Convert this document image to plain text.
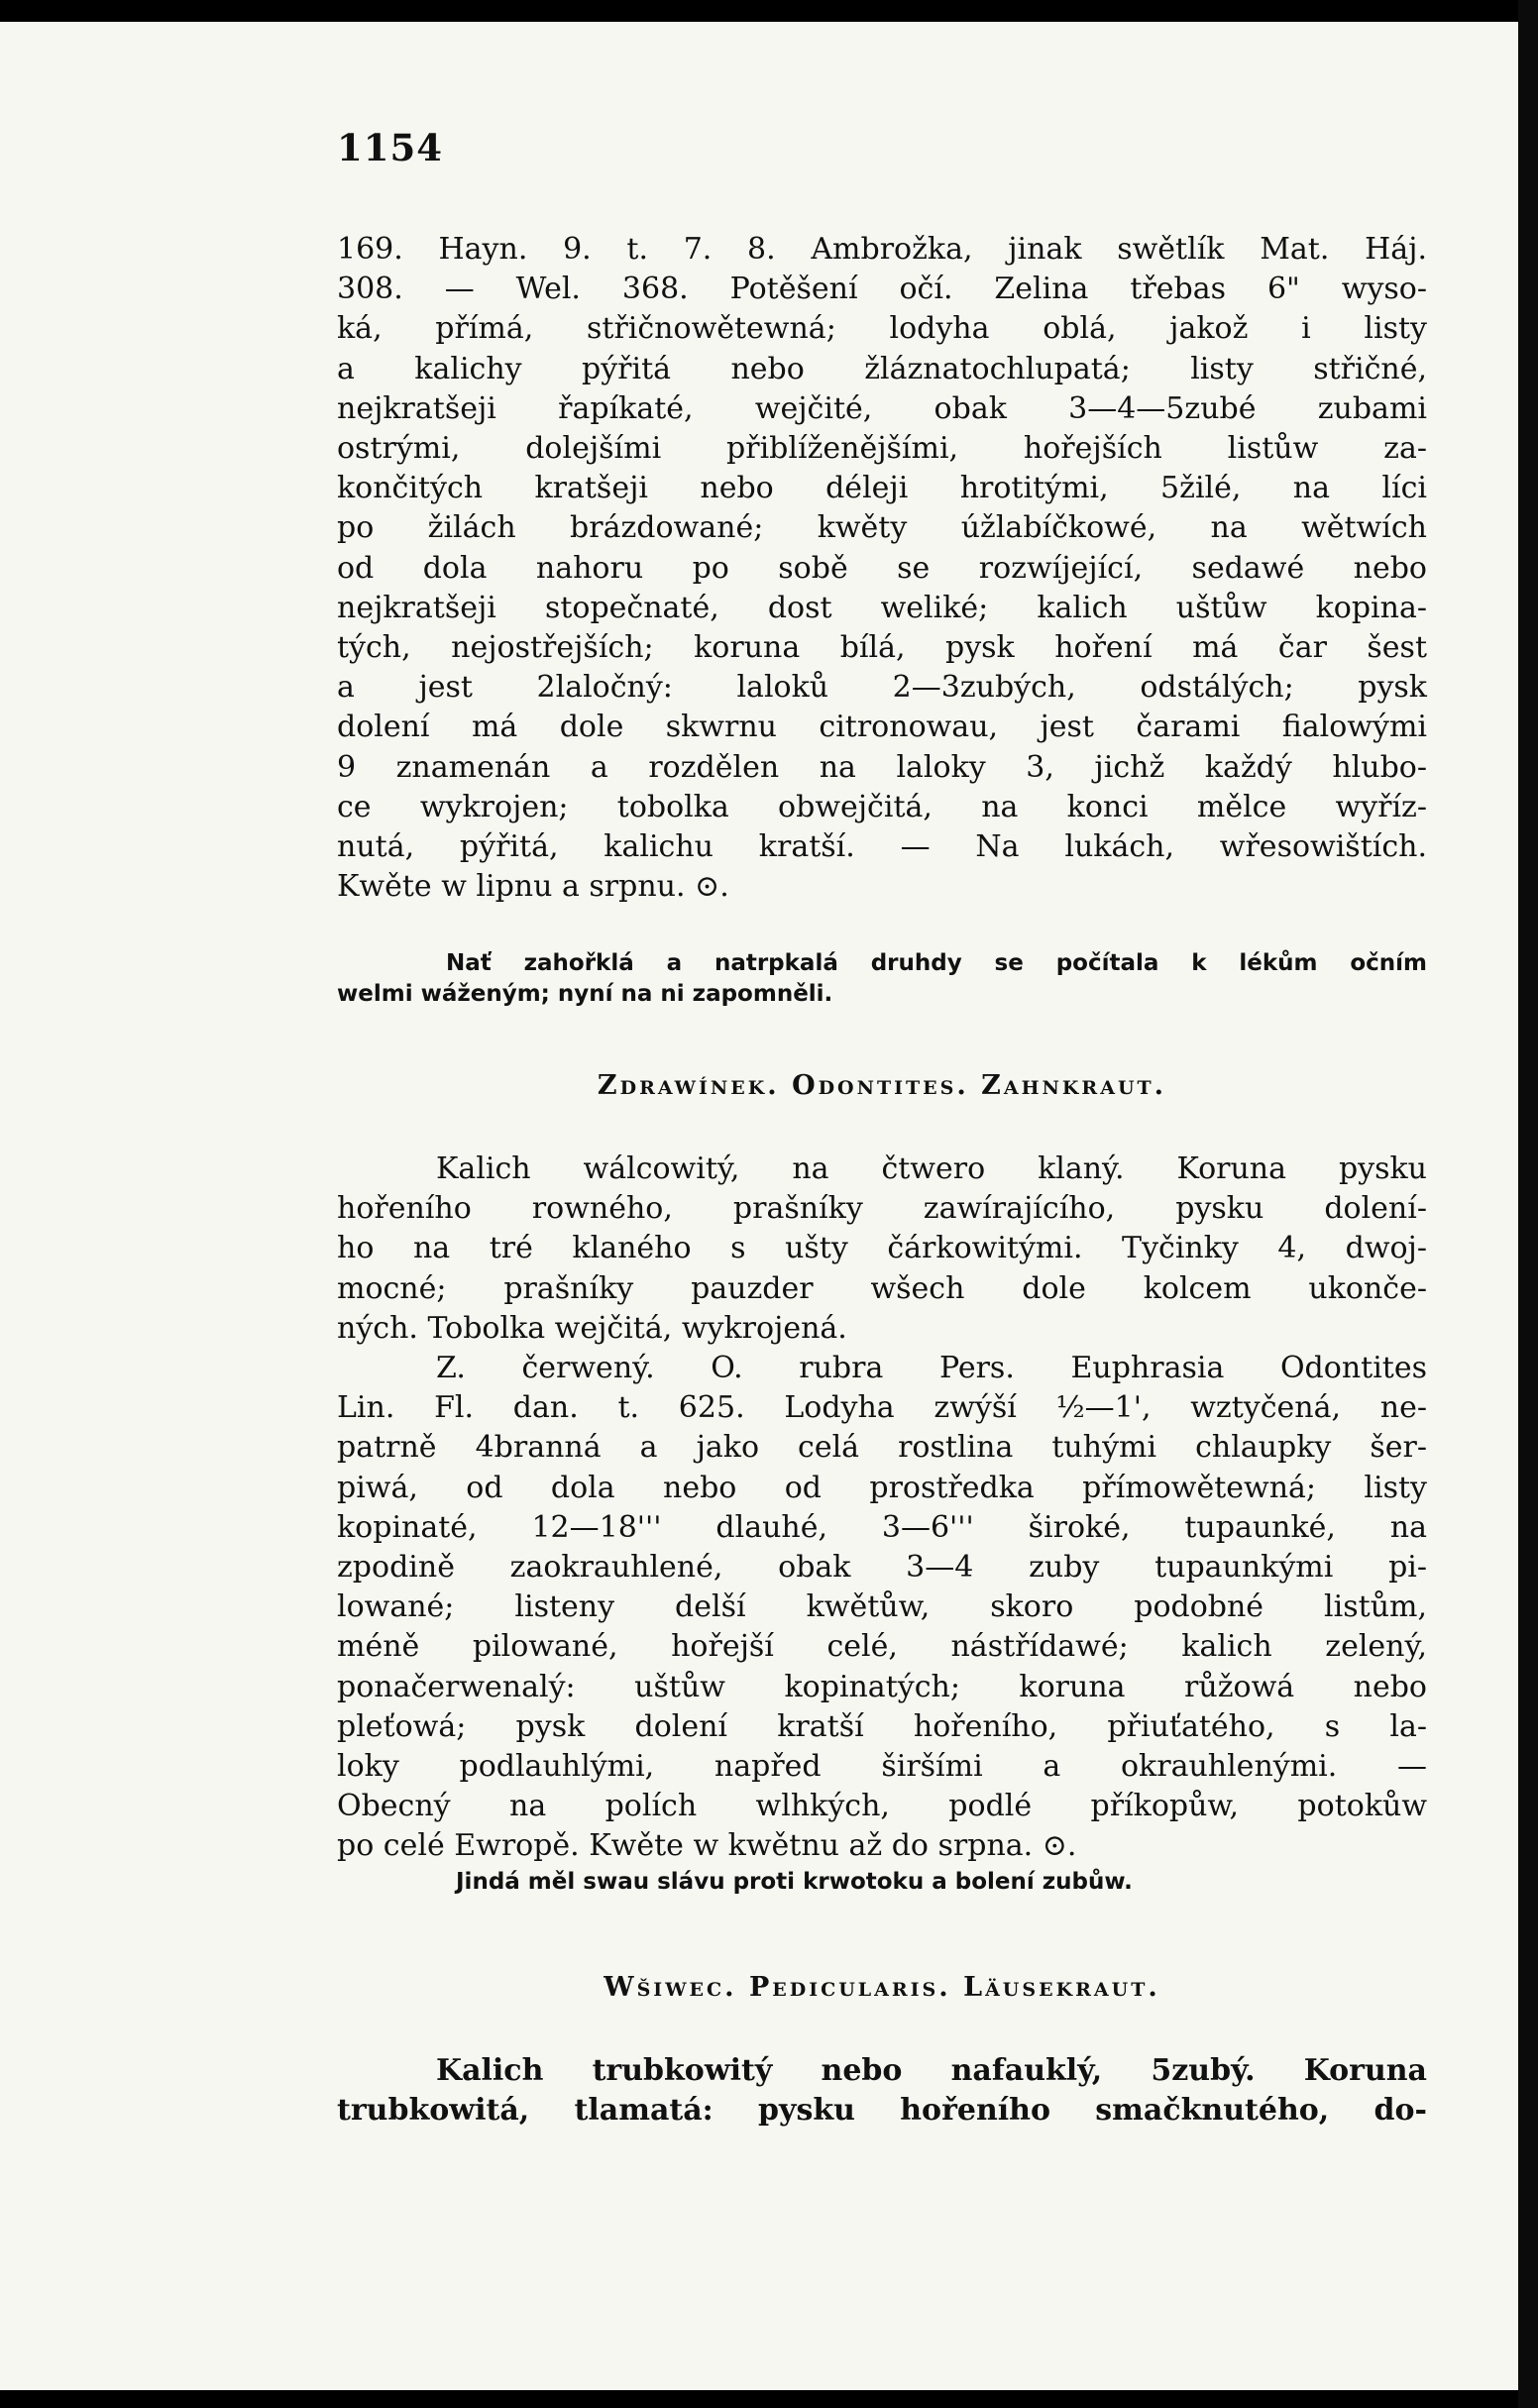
1154
169. Hayn. 9. t. 7. 8. Ambrožka, jinak swětlík Mat. Háj.
308. — Wel. 368. Potěšení očí. Zelina třebas 6" wyso-
ká, přímá, střičnowětewná; lodyha oblá, jakož i listy
a kalichy pýřitá nebo žláznatochlupatá; listy střičné,
nejkratšeji řapíkaté, wejčité, obak 3—4—5zubé zubami
ostrými, dolejšími přiblíženějšími, hořejších listůw za-
končitých kratšeji nebo déleji hrotitými, 5žilé, na líci
po žilách brázdowané; kwěty úžlabíčkowé, na wětwích
od dola nahoru po sobě se rozwíjející, sedawé nebo
nejkratšeji stopečnaté, dost weliké; kalich uštůw kopina-
tých, nejostřejších; koruna bílá, pysk hoření má čar šest
a jest 2laločný: laloků 2—3zubých, odstálých; pysk
dolení má dole skwrnu citronowau, jest čarami fialowými
9 znamenán a rozdělen na laloky 3, jichž každý hlubo-
ce wykrojen; tobolka obwejčitá, na konci mělce wyříz-
nutá, pýřitá, kalichu kratší. — Na lukách, wřesowištích.
Kwěte w lipnu a srpnu. ⊙.
Nať zahořklá a natrpkalá druhdy se počítala k lékům očním
welmi wáženým; nyní na ni zapomněli.
Zdrawínek. Odontites. Zahnkraut.
Kalich wálcowitý, na čtwero klaný. Koruna pysku
hořeního rowného, prašníky zawírajícího, pysku dolení-
ho na tré klaného s ušty čárkowitými. Tyčinky 4, dwoj-
mocné; prašníky pauzder wšech dole kolcem ukonče-
ných. Tobolka wejčitá, wykrojená.
Z. čerwený. O. rubra Pers. Euphrasia Odontites
Lin. Fl. dan. t. 625. Lodyha zwýší ½—1', wztyčená, ne-
patrně 4branná a jako celá rostlina tuhými chlaupky šer-
piwá, od dola nebo od prostředka přímowětewná; listy
kopinaté, 12—18''' dlauhé, 3—6''' široké, tupaunké, na
zpodině zaokrauhlené, obak 3—4 zuby tupaunkými pi-
lowané; listeny delší kwětůw, skoro podobné listům,
méně pilowané, hořejší celé, nástřídawé; kalich zelený,
ponačerwenalý: uštůw kopinatých; koruna růžowá nebo
pleťowá; pysk dolení kratší hořeního, přiuťatého, s la-
loky podlauhlými, napřed širšími a okrauhlenými. —
Obecný na polích wlhkých, podlé příkopůw, potokůw
po celé Ewropě. Kwěte w kwětnu až do srpna. ⊙.
Jindá měl swau slávu proti krwotoku a bolení zubůw.
Wšiwec. Pedicularis. Läusekraut.
Kalich trubkowitý nebo nafauklý, 5zubý. Koruna
trubkowitá, tlamatá: pysku hořeního smačknutého, do-
